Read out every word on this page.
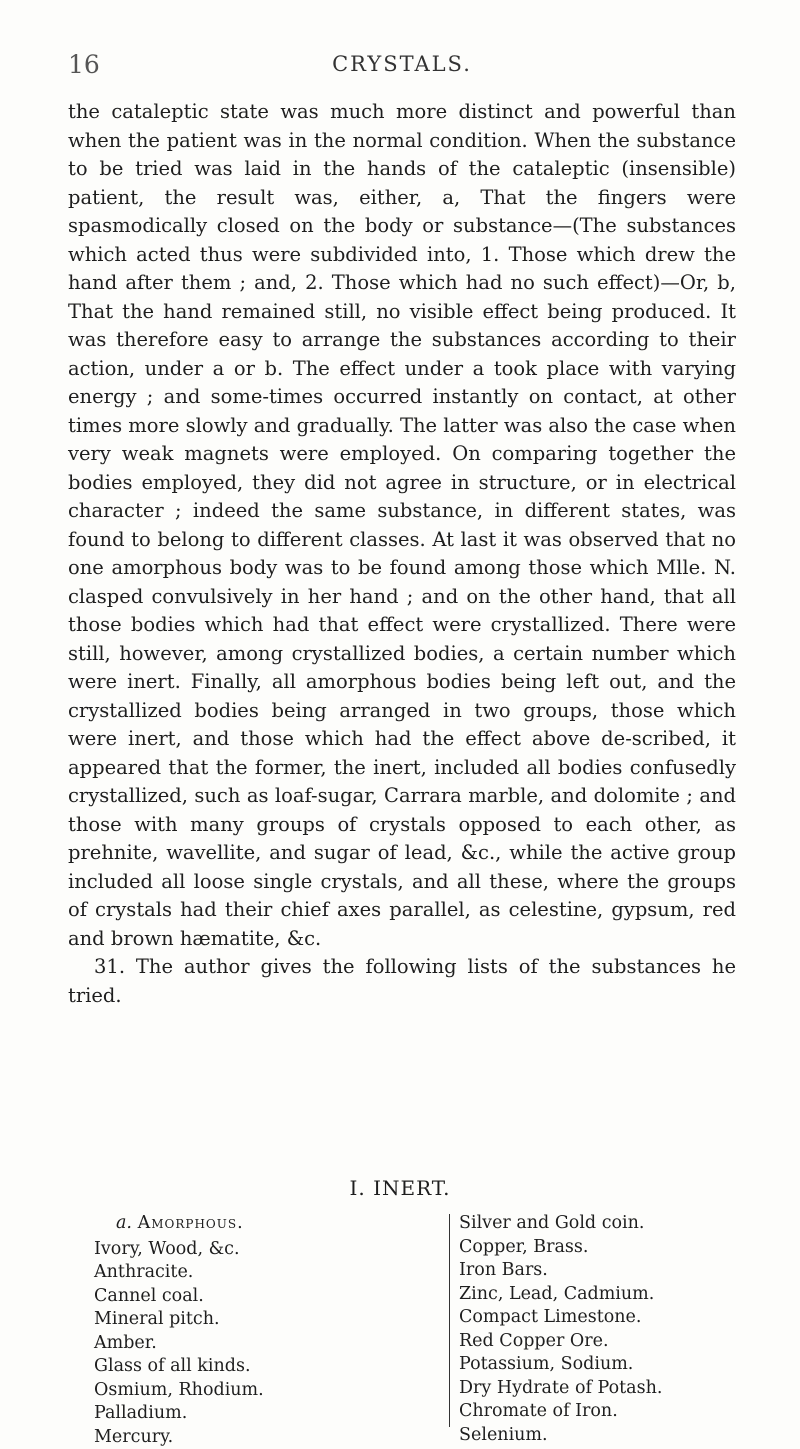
16	CRYSTALS.

the cataleptic state was much more distinct and powerful than when the patient was in the normal condition. When the substance to be tried was laid in the hands of the cataleptic (insensible) patient, the result was, either, a, That the fingers were spasmodically closed on the body or substance—(The substances which acted thus were subdivided into, 1. Those which drew the hand after them ; and, 2. Those which had no such effect)—Or, b, That the hand remained still, no visible effect being produced. It was therefore easy to arrange the substances according to their action, under a or b. The effect under a took place with varying energy ; and some-times occurred instantly on contact, at other times more slowly and gradually. The latter was also the case when very weak magnets were employed. On comparing together the bodies employed, they did not agree in structure, or in electrical character ; indeed the same substance, in different states, was found to belong to different classes. At last it was observed that no one amorphous body was to be found among those which Mlle. N. clasped convulsively in her hand ; and on the other hand, that all those bodies which had that effect were crystallized. There were still, however, among crystallized bodies, a certain number which were inert. Finally, all amorphous bodies being left out, and the crystallized bodies being arranged in two groups, those which were inert, and those which had the effect above de-scribed, it appeared that the former, the inert, included all bodies confusedly crystallized, such as loaf-sugar, Carrara marble, and dolomite ; and those with many groups of crystals opposed to each other, as prehnite, wavellite, and sugar of lead, &c., while the active group included all loose single crystals, and all these, where the groups of crystals had their chief axes parallel, as celestine, gypsum, red and brown hæmatite, &c.

31. The author gives the following lists of the substances he tried.

I. INERT.
a. Amorphous.
Ivory, Wood, &c.
Anthracite.
Cannel coal.
Mineral pitch.
Amber.
Glass of all kinds.
Osmium, Rhodium.
Palladium.
Mercury.
Silver and Gold coin.
Copper, Brass.
Iron Bars.
Zinc, Lead, Cadmium.
Compact Limestone.
Red Copper Ore.
Potassium, Sodium.
Dry Hydrate of Potash.
Chromate of Iron.
Selenium.
